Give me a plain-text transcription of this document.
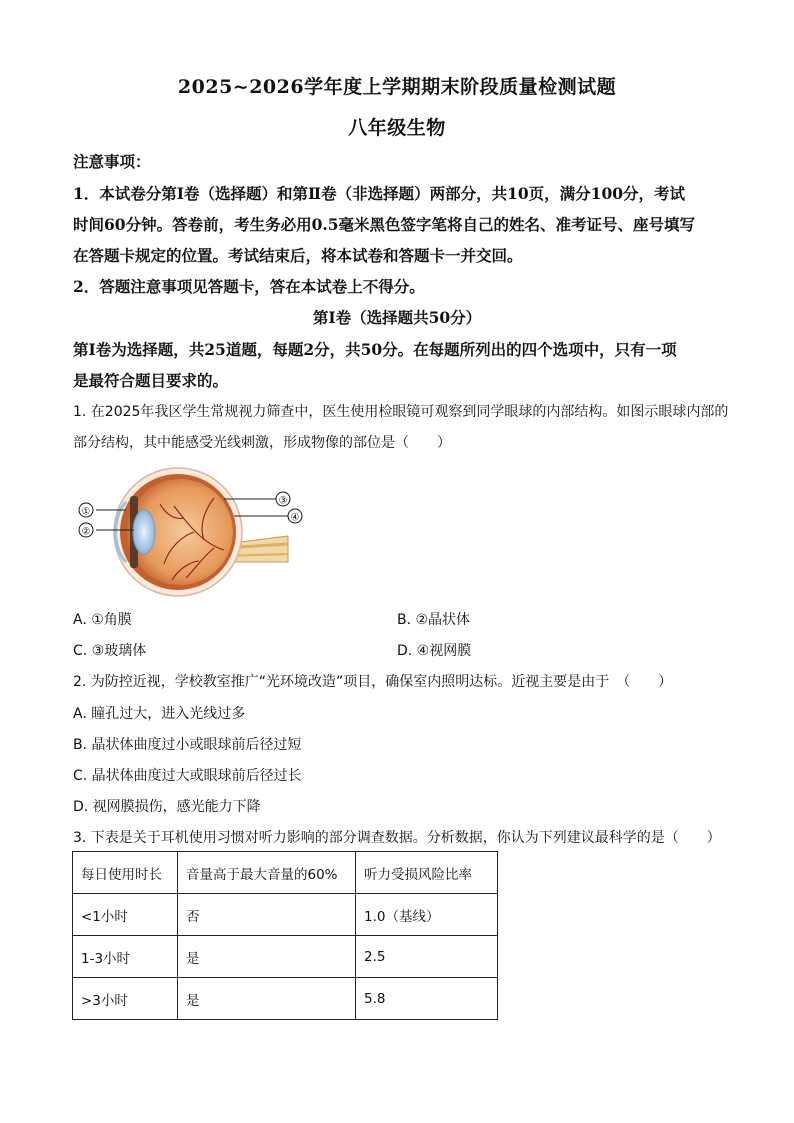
2025~2026学年度上学期期末阶段质量检测试题
八年级生物
注意事项：
1．本试卷分第Ⅰ卷（选择题）和第Ⅱ卷（非选择题）两部分，共10页，满分100分，考试
时间60分钟。答卷前，考生务必用0.5毫米黑色签字笔将自己的姓名、准考证号、座号填写
在答题卡规定的位置。考试结束后，将本试卷和答题卡一并交回。
2．答题注意事项见答题卡，答在本试卷上不得分。
第Ⅰ卷（选择题共50分）
第Ⅰ卷为选择题，共25道题，每题2分，共50分。在每题所列出的四个选项中，只有一项
是最符合题目要求的。
1. 在2025年我区学生常规视力筛查中，医生使用检眼镜可观察到同学眼球的内部结构。如图示眼球内部的
部分结构，其中能感受光线刺激，形成物像的部位是（　　）
①
②
③
④
A. ①角膜	B. ②晶状体
C. ③玻璃体	D. ④视网膜
2. 为防控近视，学校教室推广“光环境改造”项目，确保室内照明达标。近视主要是由于　（　　）
A. 瞳孔过大，进入光线过多
B. 晶状体曲度过小或眼球前后径过短
C. 晶状体曲度过大或眼球前后径过长
D. 视网膜损伤，感光能力下降
3. 下表是关于耳机使用习惯对听力影响的部分调查数据。分析数据，你认为下列建议最科学的是（　　）
每日使用时长	音量高于最大音量的60%	听力受损风险比率
<1小时	否	1.0（基线）
1-3小时	是	2.5
>3小时	是	5.8
